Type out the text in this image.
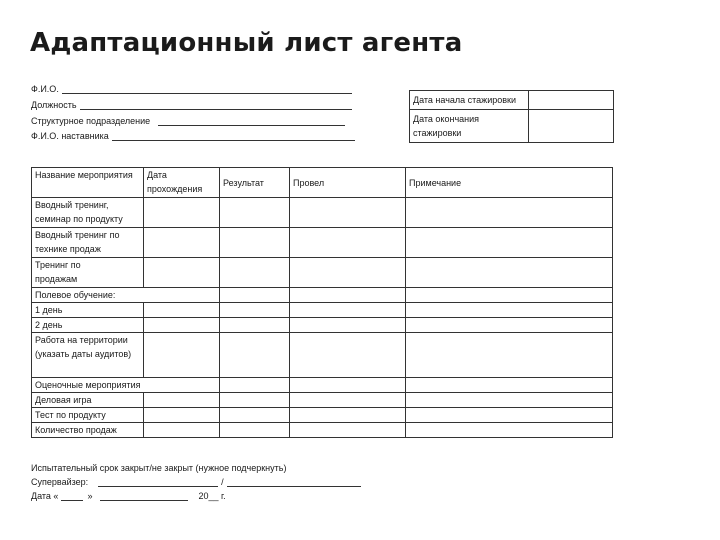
Адаптационный лист агента
Ф.И.О.
Должность
Структурное подразделение
Ф.И.О. наставника
Дата начала стажировки	
Дата окончания стажировки	
Название мероприятия	Дата прохождения	Результат	Провел	Примечание
Вводный тренинг, семинар по продукту				
Вводный тренинг по технике продаж				
Тренинг по продажам				
Полевое обучение:				
1 день				
2 день				
Работа на территории (указать даты аудитов)				
Оценочные мероприятия				
Деловая игра				
Тест по продукту				
Количество продаж				
Испытательный срок закрыт/не закрыт (нужное подчеркнуть)
Супервайзер:	/
Дата «	»	20__ г.
